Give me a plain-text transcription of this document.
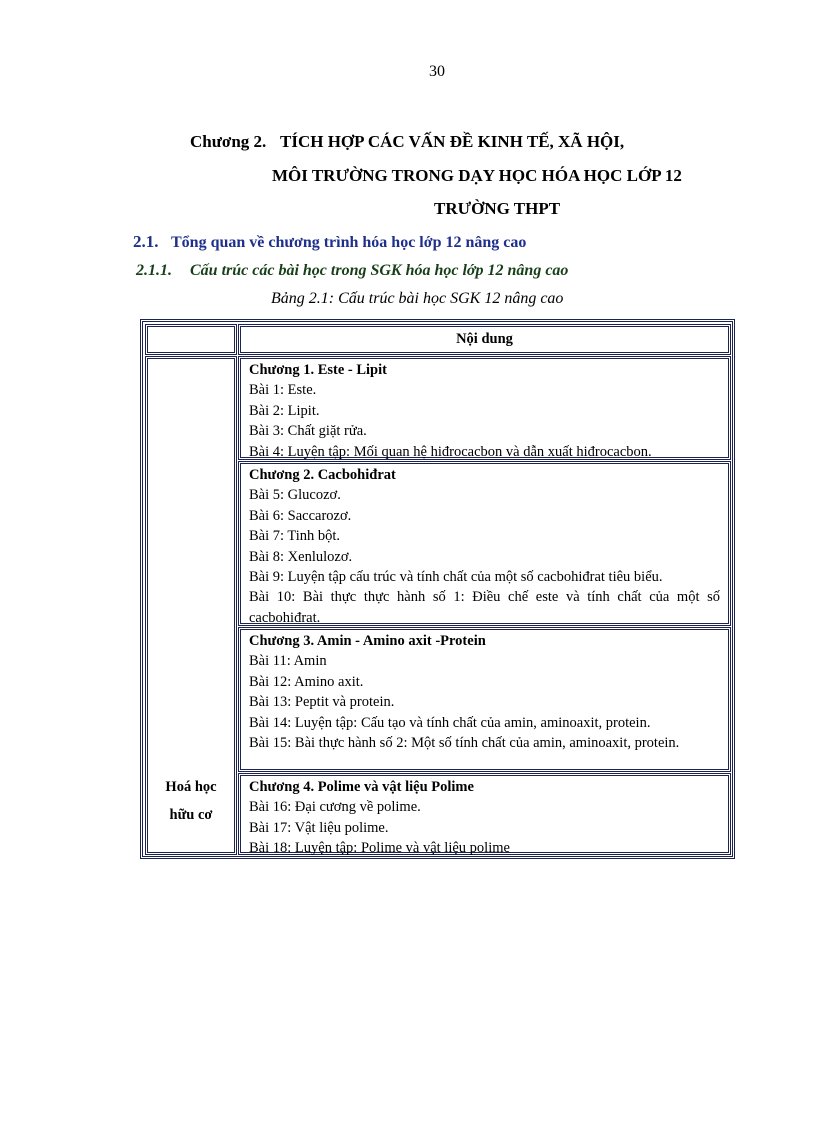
30
Chương 2. TÍCH HỢP CÁC VẤN ĐỀ KINH TẾ, XÃ HỘI,
MÔI TRƯỜNG TRONG DẠY HỌC HÓA HỌC LỚP 12
TRƯỜNG THPT
2.1. Tổng quan về chương trình hóa học lớp 12 nâng cao
2.1.1. Cấu trúc các bài học trong SGK hóa học lớp 12 nâng cao
Bảng 2.1: Cấu trúc bài học SGK 12 nâng cao
Nội dung
Hoá học
hữu cơ
Chương 1. Este - Lipit
Bài 1: Este.
Bài 2: Lipit.
Bài 3: Chất giặt rửa.
Bài 4: Luyện tập: Mối quan hệ hiđrocacbon và dẫn xuất hiđrocacbon.
Chương 2. Cacbohiđrat
Bài 5: Glucozơ.
Bài 6: Saccarozơ.
Bài 7: Tinh bột.
Bài 8: Xenlulozơ.
Bài 9: Luyện tập cấu trúc và tính chất của một số cacbohiđrat tiêu biểu.
Bài 10: Bài thực thực hành số 1: Điều chế este và tính chất của một số cacbohiđrat.
Chương 3. Amin - Amino axit -Protein
Bài 11: Amin
Bài 12: Amino axit.
Bài 13: Peptit và protein.
Bài 14: Luyện tập: Cấu tạo và tính chất của amin, aminoaxit, protein.
Bài 15: Bài thực hành số 2: Một số tính chất của amin, aminoaxit, protein.
Chương 4. Polime và vật liệu Polime
Bài 16: Đại cương về polime.
Bài 17: Vật liệu polime.
Bài 18: Luyện tập: Polime và vật liệu polime
